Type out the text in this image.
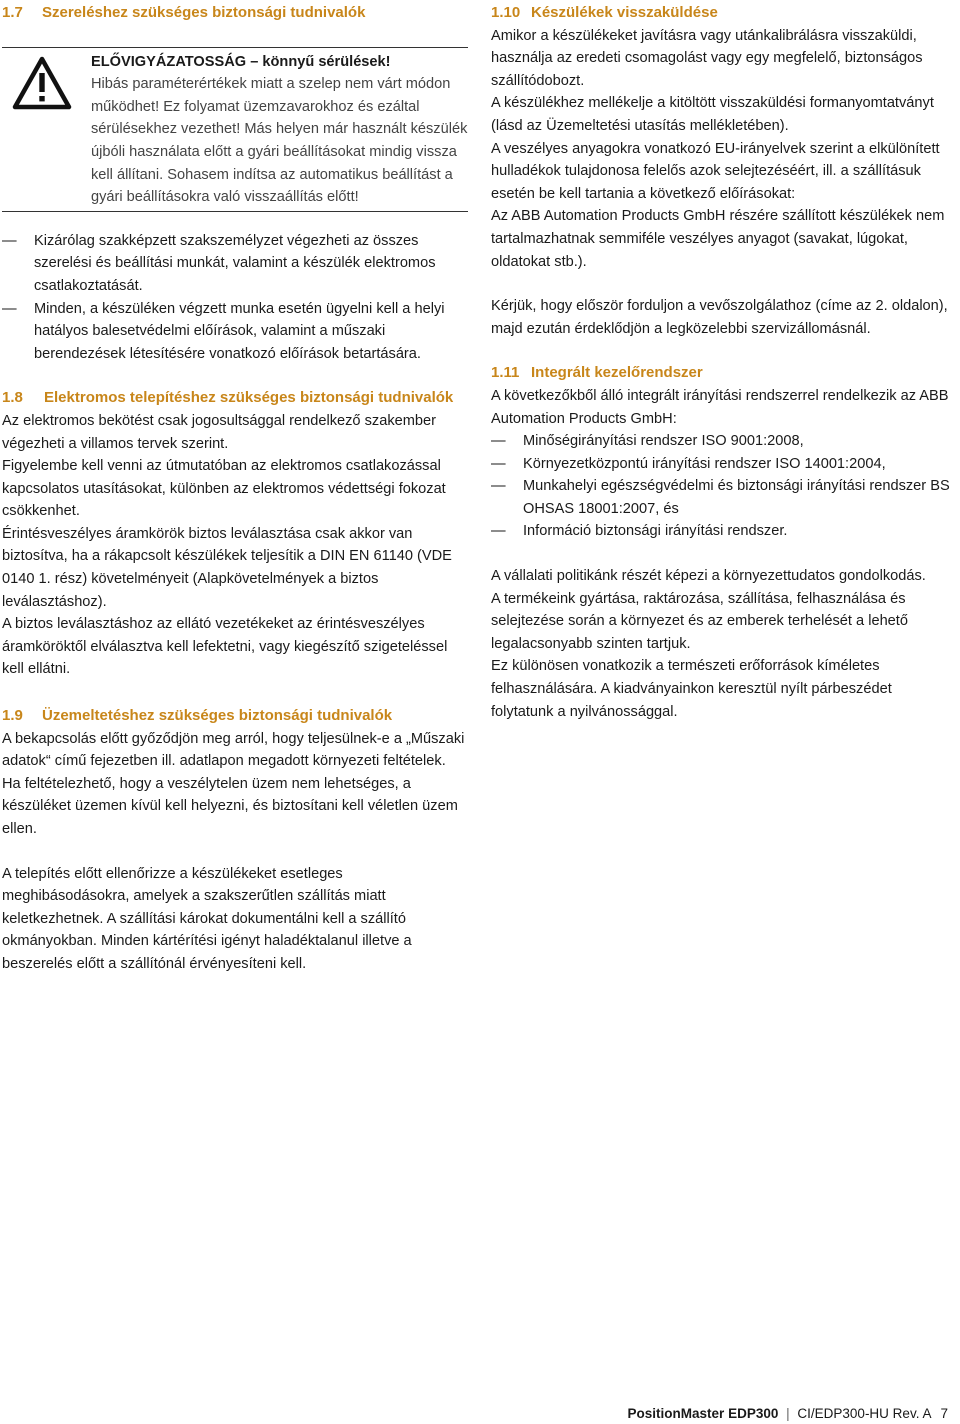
1.7 Szereléshez szükséges biztonsági tudnivalók
ELŐVIGYÁZATOSSÁG – könnyű sérülések!
Hibás paraméterértékek miatt a szelep nem várt módon működhet! Ez folyamat üzemzavarokhoz és ezáltal sérülésekhez vezethet! Más helyen már használt készülék újbóli használata előtt a gyári beállításokat mindig vissza kell állítani. Sohasem indítsa az automatikus beállítást a gyári beállításokra való visszaállítás előtt!
— Kizárólag szakképzett szakszemélyzet végezheti az összes szerelési és beállítási munkát, valamint a készülék elektromos csatlakoztatását.
— Minden, a készüléken végzett munka esetén ügyelni kell a helyi hatályos balesetvédelmi előírások, valamint a műszaki berendezések létesítésére vonatkozó előírások betartására.
1.8	Elektromos telepítéshez szükséges biztonsági tudnivalók

Az elektromos bekötést csak jogosultsággal rendelkező szakember végezheti a villamos tervek szerint.

Figyelembe kell venni az útmutatóban az elektromos csatlakozással kapcsolatos utasításokat, különben az elektromos védettségi fokozat csökkenhet.

Érintésveszélyes áramkörök biztos leválasztása csak akkor van biztosítva, ha a rákapcsolt készülékek teljesítik a DIN EN 61140 (VDE 0140 1. rész) követelményeit (Alapkövetelmények a biztos leválasztáshoz).

A biztos leválasztáshoz az ellátó vezetékeket az érintésveszélyes áramköröktől elválasztva kell lefektetni, vagy kiegészítő szigeteléssel kell ellátni.

1.9 Üzemeltetéshez szükséges biztonsági tudnivalók

A bekapcsolás előtt győződjön meg arról, hogy teljesülnek-e a „Műszaki adatok“ című fejezetben ill. adatlapon megadott környezeti feltételek.

Ha feltételezhető, hogy a veszélytelen üzem nem lehetséges, a készüléket üzemen kívül kell helyezni, és biztosítani kell véletlen üzem ellen.

A telepítés előtt ellenőrizze a készülékeket esetleges meghibásodásokra, amelyek a szakszerűtlen szállítás miatt keletkezhetnek. A szállítási károkat dokumentálni kell a szállító okmányokban. Minden kártérítési igényt haladéktalanul illetve a beszerelés előtt a szállítónál érvényesíteni kell.

1.10 Készülékek visszaküldése

Amikor a készülékeket javításra vagy utánkalibrálásra visszaküldi, használja az eredeti csomagolást vagy egy megfelelő, biztonságos szállítódobozt.

A készülékhez mellékelje a kitöltött visszaküldési formanyomtatványt (lásd az Üzemeltetési utasítás mellékletében).

A veszélyes anyagokra vonatkozó EU-irányelvek szerint a elkülönített hulladékok tulajdonosa felelős azok selejtezéséért, ill. a szállításuk esetén be kell tartania a következő előírásokat:

Az ABB Automation Products GmbH részére szállított készülékek nem tartalmazhatnak semmiféle veszélyes anyagot (savakat, lúgokat, oldatokat stb.).

Kérjük, hogy először forduljon a vevőszolgálathoz (címe az 2. oldalon), majd ezután érdeklődjön a legközelebbi szervizállomásnál.

1.11 Integrált kezelőrendszer

A következőkből álló integrált irányítási rendszerrel rendelkezik az ABB Automation Products GmbH:

— Minőségirányítási rendszer ISO 9001:2008,
— Környezetközpontú irányítási rendszer ISO 14001:2004,
— Munkahelyi egészségvédelmi és biztonsági irányítási rendszer BS OHSAS 18001:2007, és
— Információ biztonsági irányítási rendszer.

A vállalati politikánk részét képezi a környezettudatos gondolkodás.

A termékeink gyártása, raktározása, szállítása, felhasználása és selejtezése során a környezet és az emberek terhelését a lehető legalacsonyabb szinten tartjuk.

Ez különösen vonatkozik a természeti erőforrások kíméletes felhasználására. A kiadványainkon keresztül nyílt párbeszédet folytatunk a nyilvánossággal.

PositionMaster EDP300 | CI/EDP300-HU Rev. A 7
